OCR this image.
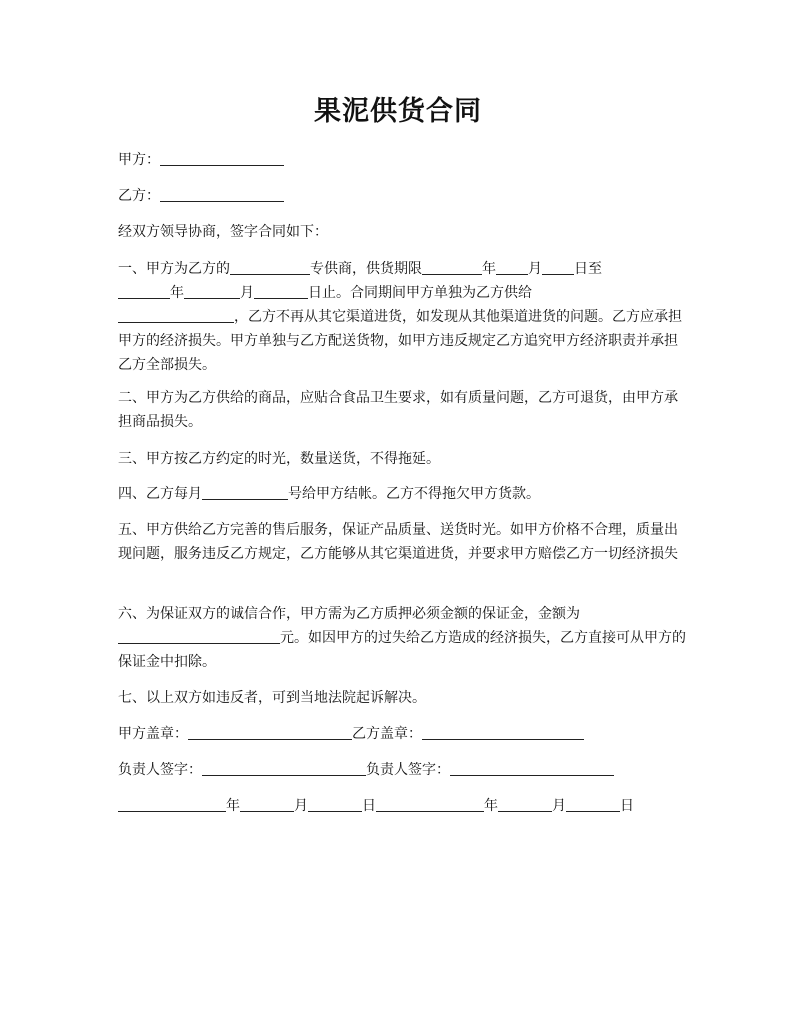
果泥供货合同

甲方：

乙方：

经双方领导协商，签字合同如下：

一、甲方为乙方的	专供商，供货期限	年 月 日至
年	月	日止。合同期间甲方单独为乙方供给
，乙方不再从其它渠道进货，如发现从其他渠道进货的问题。乙方应承担甲方的经济损失。甲方单独与乙方配送货物，如甲方违反规定乙方追究甲方经济职责并承担乙方全部损失。

二、甲方为乙方供给的商品，应贴合食品卫生要求，如有质量问题，乙方可退货，由甲方承担商品损失。

三、甲方按乙方约定的时光，数量送货，不得拖延。

四、乙方每月	号给甲方结帐。乙方不得拖欠甲方货款。

五、甲方供给乙方完善的售后服务，保证产品质量、送货时光。如甲方价格不合理，质量出现问题，服务违反乙方规定，乙方能够从其它渠道进货，并要求甲方赔偿乙方一切经济损失

六、为保证双方的诚信合作，甲方需为乙方质押必须金额的保证金，金额为
元。如因甲方的过失给乙方造成的经济损失，乙方直接可从甲方的保证金中扣除。

七、以上双方如违反者，可到当地法院起诉解决。

甲方盖章：	乙方盖章：

负责人签字：	负责人签字：

年	月	日	年	月	日
